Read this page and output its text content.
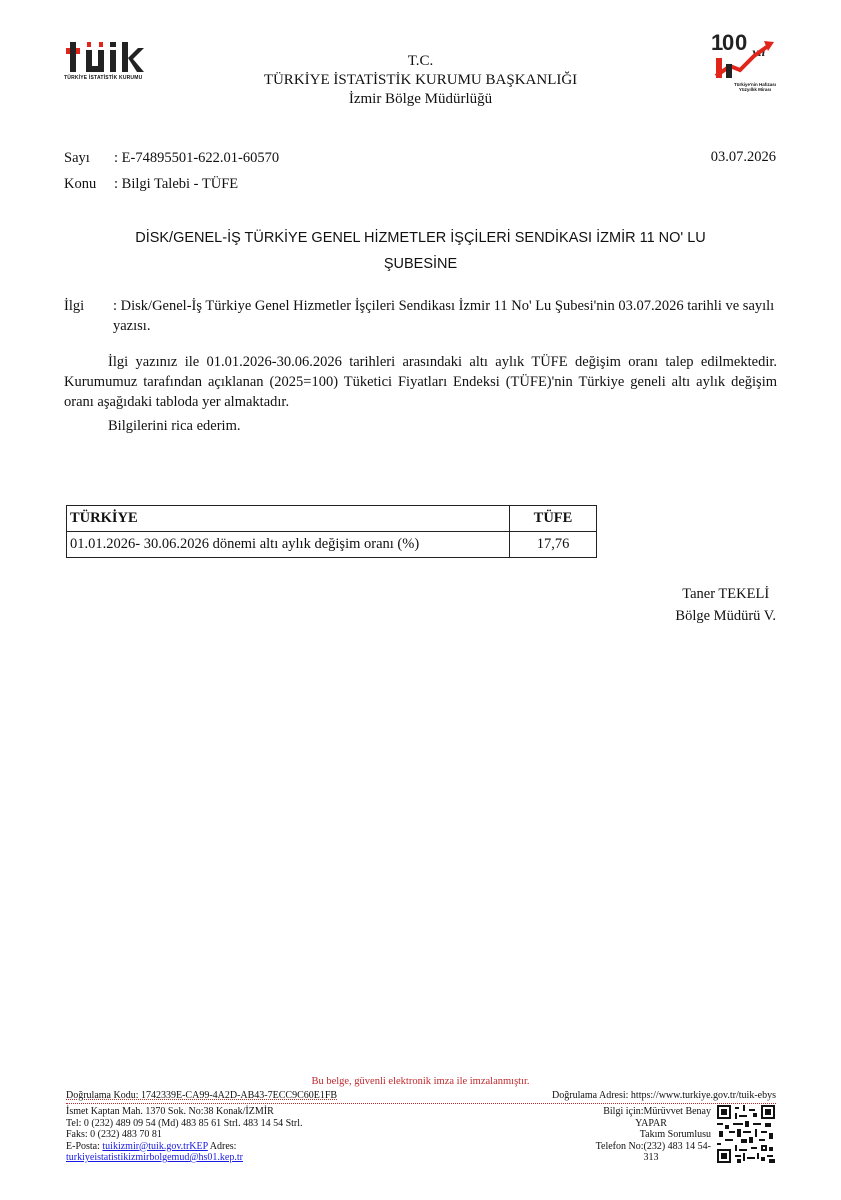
TÜRKİYE İSTATİSTİK KURUMU
1
0 0 yıl
Türkiye'nin Hafızası Yüzyıllık Mirası
T.C.
TÜRKİYE İSTATİSTİK KURUMU BAŞKANLIĞI
İzmir Bölge Müdürlüğü
Sayı : E-74895501-622.01-60570
Konu : Bilgi Talebi - TÜFE
03.07.2026
DİSK/GENEL-İŞ TÜRKİYE GENEL HİZMETLER İŞÇİLERİ SENDİKASI İZMİR 11 NO' LU
ŞUBESİNE
İlgi : Disk/Genel-İş Türkiye Genel Hizmetler İşçileri Sendikası İzmir 11 No' Lu Şubesi'nin 03.07.2026 tarihli ve sayılı yazısı.
İlgi yazınız ile 01.01.2026-30.06.2026 tarihleri arasındaki altı aylık TÜFE değişim oranı talep edilmektedir. Kurumumuz tarafından açıklanan (2025=100) Tüketici Fiyatları Endeksi (TÜFE)'nin Türkiye geneli altı aylık değişim oranı aşağıdaki tabloda yer almaktadır.
Bilgilerini rica ederim.
TÜRKİYE	TÜFE
01.01.2026- 30.06.2026 dönemi altı aylık değişim oranı (%)	17,76
Taner TEKELİ
Bölge Müdürü V.
Bu belge, güvenli elektronik imza ile imzalanmıştır.
Doğrulama Kodu: 1742339E-CA99-4A2D-AB43-7ECC9C60E1FB	Doğrulama Adresi: https://www.turkiye.gov.tr/tuik-ebys
İsmet Kaptan Mah. 1370 Sok. No:38 Konak/İZMİR
Tel: 0 (232) 489 09 54 (Md) 483 85 61 Strl. 483 14 54 Strl.
Faks: 0 (232) 483 70 81
E-Posta: tuikizmir@tuik.gov.trKEP Adres:
turkiyeistatistikizmirbolgemud@hs01.kep.tr
Bilgi için:Mürüvvet Benay
YAPAR
Takım Sorumlusu
Telefon No:(232) 483 14 54-
313
